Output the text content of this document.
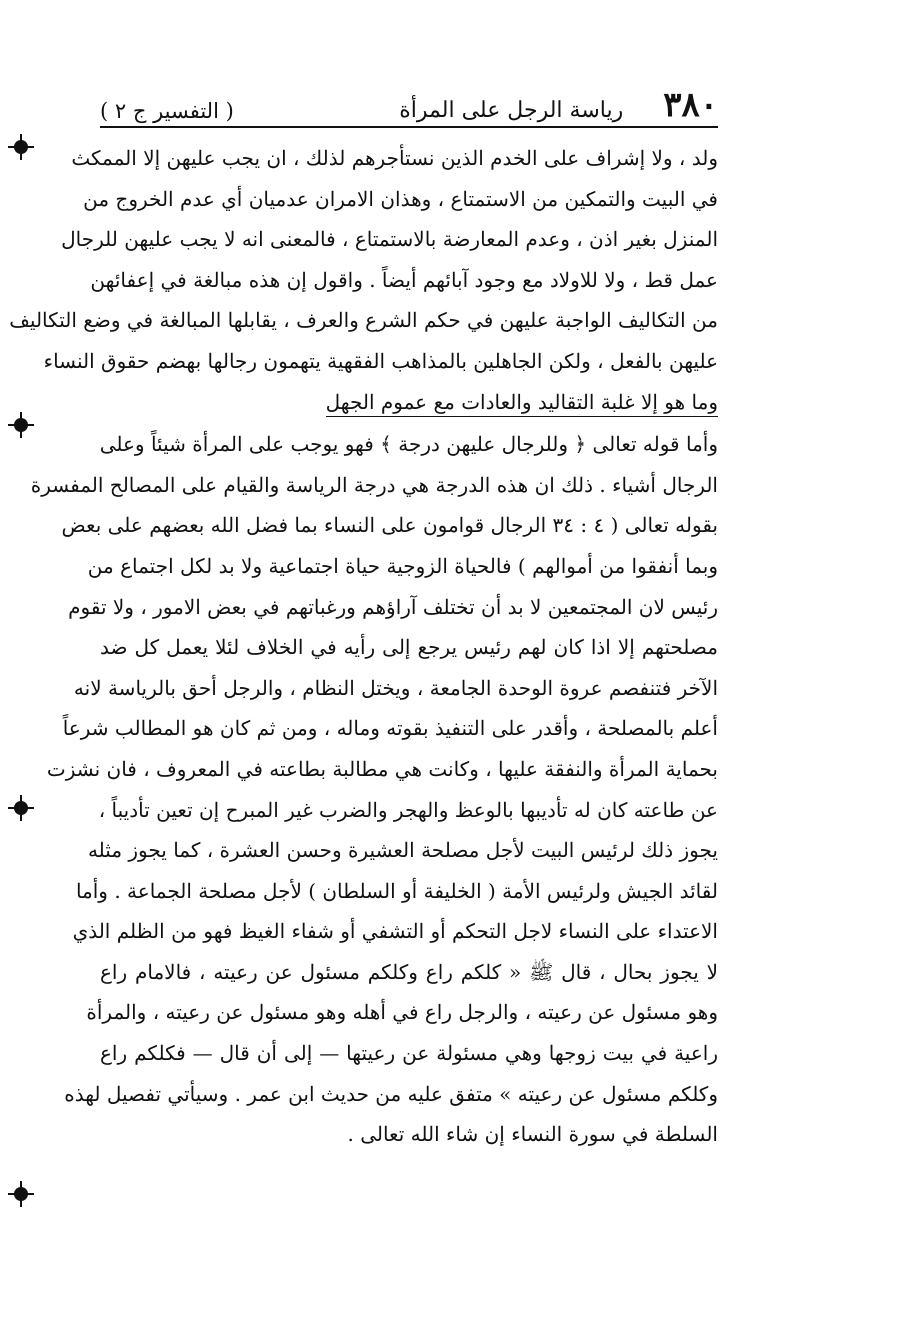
٣٨٠
رياسة الرجل على المرأة
( التفسير ج ٢ )
ولد ، ولا إشراف على الخدم الذين نستأجرهم لذلك ، ان يجب عليهن إلا الممكث
في البيت والتمكين من الاستمتاع ، وهذان الامران عدميان أي عدم الخروج من
المنزل بغير اذن ، وعدم المعارضة بالاستمتاع ، فالمعنى انه لا يجب عليهن للرجال
عمل قط ، ولا للاولاد مع وجود آبائهم أيضاً . واقول إن هذه مبالغة في إعفائهن
من التكاليف الواجبة عليهن في حكم الشرع والعرف ، يقابلها المبالغة في وضع التكاليف
عليهن بالفعل ، ولكن الجاهلين بالمذاهب الفقهية يتهمون رجالها بهضم حقوق النساء
وما هو إلا غلبة التقاليد والعادات مع عموم الجهل
وأما قوله تعالى ﴿ وللرجال عليهن درجة ﴾ فهو يوجب على المرأة شيئاً وعلى
الرجال أشياء . ذلك ان هذه الدرجة هي درجة الرياسة والقيام على المصالح المفسرة
بقوله تعالى ( ٤ : ٣٤ الرجال قوامون على النساء بما فضل الله بعضهم على بعض
وبما أنفقوا من أموالهم ) فالحياة الزوجية حياة اجتماعية ولا بد لكل اجتماع من
رئيس لان المجتمعين لا بد أن تختلف آراؤهم ورغباتهم في بعض الامور ، ولا تقوم
مصلحتهم إلا اذا كان لهم رئيس يرجع إلى رأيه في الخلاف لئلا يعمل كل ضد
الآخر فتنفصم عروة الوحدة الجامعة ، ويختل النظام ، والرجل أحق بالرياسة لانه
أعلم بالمصلحة ، وأقدر على التنفيذ بقوته وماله ، ومن ثم كان هو المطالب شرعاً
بحماية المرأة والنفقة عليها ، وكانت هي مطالبة بطاعته في المعروف ، فان نشزت
عن طاعته كان له تأديبها بالوعظ والهجر والضرب غير المبرح إن تعين تأديباً ،
يجوز ذلك لرئيس البيت لأجل مصلحة العشيرة وحسن العشرة ، كما يجوز مثله
لقائد الجيش ولرئيس الأمة ( الخليفة أو السلطان ) لأجل مصلحة الجماعة . وأما
الاعتداء على النساء لاجل التحكم أو التشفي أو شفاء الغيظ فهو من الظلم الذي
لا يجوز بحال ، قال ﷺ « كلكم راع وكلكم مسئول عن رعيته ، فالامام راع
وهو مسئول عن رعيته ، والرجل راع في أهله وهو مسئول عن رعيته ، والمرأة
راعية في بيت زوجها وهي مسئولة عن رعيتها — إلى أن قال — فكلكم راع
وكلكم مسئول عن رعيته » متفق عليه من حديث ابن عمر . وسيأتي تفصيل لهذه
السلطة في سورة النساء إن شاء الله تعالى .
